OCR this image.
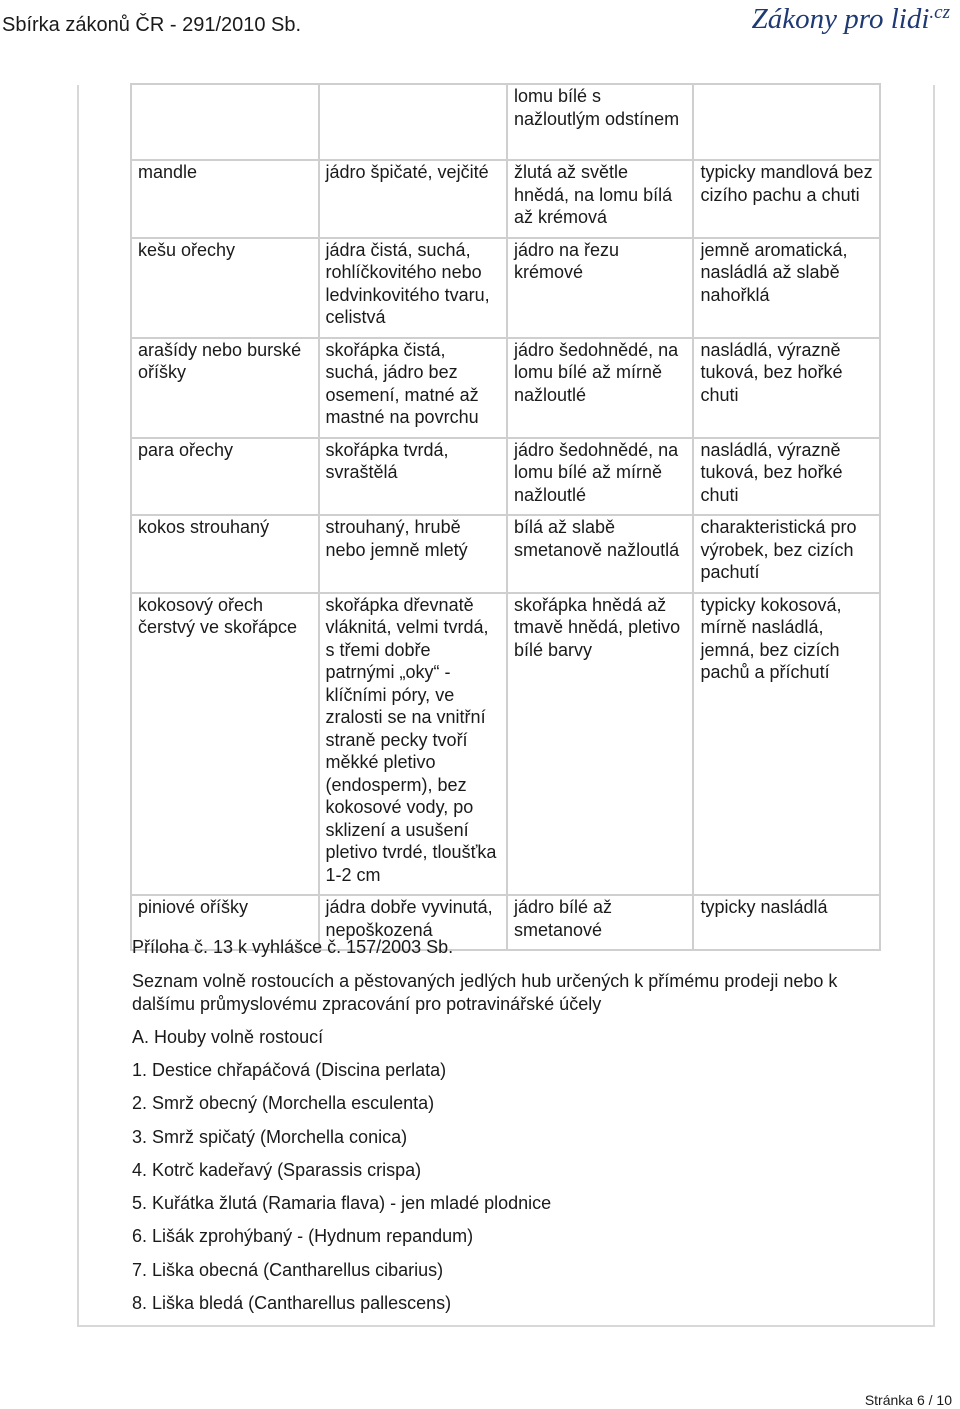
Sbírka zákonů ČR - 291/2010 Sb.	Zákony pro lidi$^{.cz}$
		lomu bílé s nažloutlým odstínem	
mandle	jádro špičaté, vejčité	žlutá až světle hnědá, na lomu bílá až krémová	typicky mandlová bez cizího pachu a chuti
kešu ořechy	jádra čistá, suchá, rohlíčkovitého nebo ledvinkovitého tvaru, celistvá	jádro na řezu krémové	jemně aromatická, nasládlá až slabě nahořklá
arašídy nebo burské oříšky	skořápka čistá, suchá, jádro bez osemení, matné až mastné na povrchu	jádro šedohnědé, na lomu bílé až mírně nažloutlé	nasládlá, výrazně tuková, bez hořké chuti
para ořechy	skořápka tvrdá, svraštělá	jádro šedohnědé, na lomu bílé až mírně nažloutlé	nasládlá, výrazně tuková, bez hořké chuti
kokos strouhaný	strouhaný, hrubě nebo jemně mletý	bílá až slabě smetanově nažloutlá	charakteristická pro výrobek, bez cizích pachutí
kokosový ořech čerstvý ve skořápce	skořápka dřevnatě vláknitá, velmi tvrdá, s třemi dobře patrnými „oky“ - klíčními póry, ve zralosti se na vnitřní straně pecky tvoří měkké pletivo (endosperm), bez kokosové vody, po sklizení a usušení pletivo tvrdé, tloušťka 1-2 cm	skořápka hnědá až tmavě hnědá, pletivo bílé barvy	typicky kokosová, mírně nasládlá, jemná, bez cizích pachů a příchutí
piniové oříšky	jádra dobře vyvinutá, nepoškozená	jádro bílé až smetanové	typicky nasládlá
Příloha č. 13 k vyhlášce č. 157/2003 Sb.
Seznam volně rostoucích a pěstovaných jedlých hub určených k přímému prodeji nebo k dalšímu průmyslovému zpracování pro potravinářské účely
A. Houby volně rostoucí
1. Destice chřapáčová (Discina perlata)
2. Smrž obecný (Morchella esculenta)
3. Smrž spičatý (Morchella conica)
4. Kotrč kadeřavý (Sparassis crispa)
5. Kuřátka žlutá (Ramaria flava) - jen mladé plodnice
6. Lišák zprohýbaný - (Hydnum repandum)
7. Liška obecná (Cantharellus cibarius)
8. Liška bledá (Cantharellus pallescens)
Stránka 6 / 10
